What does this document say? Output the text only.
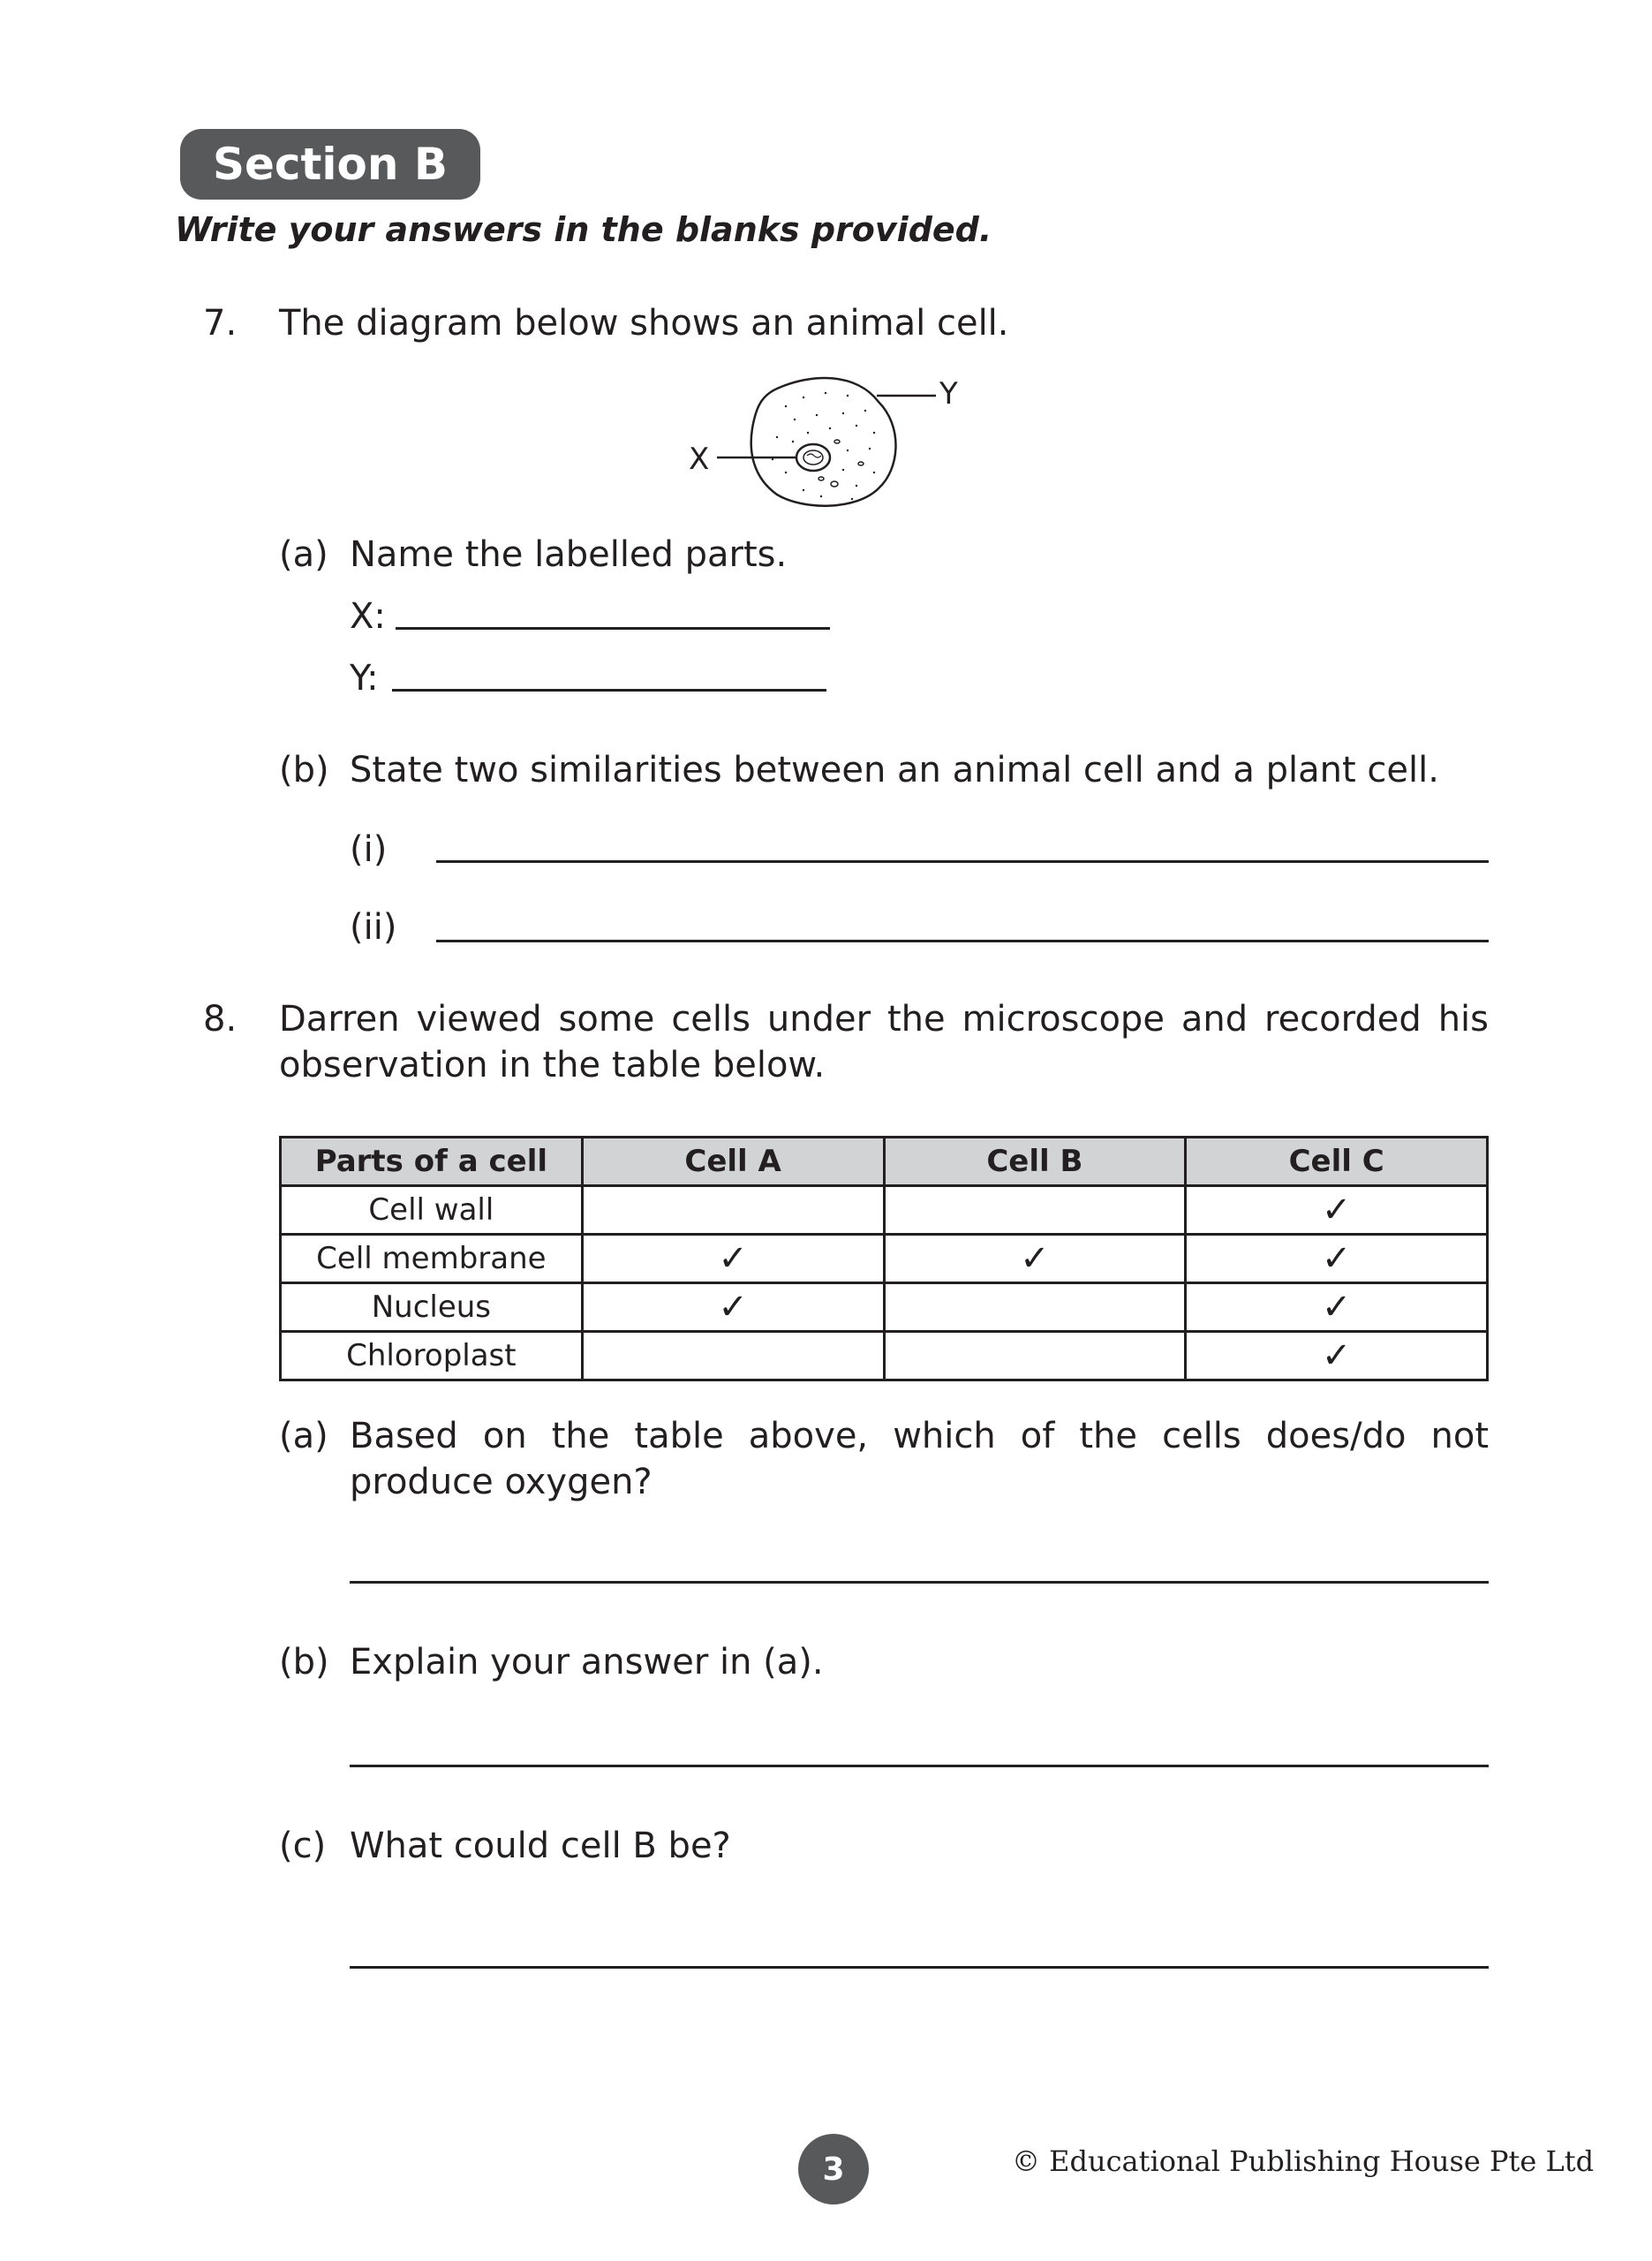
Section B
Write your answers in the blanks provided.
7. The diagram below shows an animal cell.
Y
X
(a) Name the labelled parts.
X:
Y:
(b) State two similarities between an animal cell and a plant cell.
(i)
(ii)
8. Darren viewed some cells under the microscope and recorded his observation in the table below.
Parts of a cell	Cell A	Cell B	Cell C
Cell wall			✓
Cell membrane	✓	✓	✓
Nucleus	✓		✓
Chloroplast			✓
(a) Based on the table above, which of the cells does/do not produce oxygen?
(b) Explain your answer in (a).
(c) What could cell B be?
3	© Educational Publishing House Pte Ltd
